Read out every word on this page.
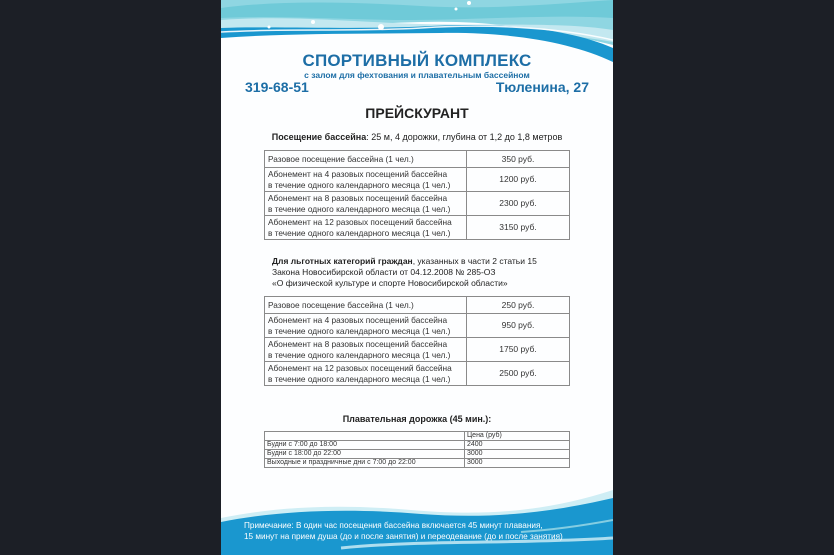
СПОРТИВНЫЙ КОМПЛЕКС
с залом для фехтования и плавательным бассейном
319-68-51	Тюленина, 27
ПРЕЙСКУРАНТ
Посещение бассейна: 25 м, 4 дорожки, глубина от 1,2 до 1,8 метров
Разовое посещение бассейна (1 чел.)	350 руб.
Абонемент на 4 разовых посещений бассейна
в течение одного календарного месяца (1 чел.)	1200 руб.
Абонемент на 8 разовых посещений бассейна
в течение одного календарного месяца (1 чел.)	2300 руб.
Абонемент на 12 разовых посещений бассейна
в течение одного календарного месяца (1 чел.)	3150 руб.
Для льготных категорий граждан, указанных в части 2 статьи 15
Закона Новосибирской области от 04.12.2008 № 285-ОЗ
«О физической культуре и спорте Новосибирской области»
Разовое посещение бассейна (1 чел.)	250 руб.
Абонемент на 4 разовых посещений бассейна
в течение одного календарного месяца (1 чел.)	950 руб.
Абонемент на 8 разовых посещений бассейна
в течение одного календарного месяца (1 чел.)	1750 руб.
Абонемент на 12 разовых посещений бассейна
в течение одного календарного месяца (1 чел.)	2500 руб.
Плавательная дорожка (45 мин.):
	Цена (руб)
Будни с 7:00 до 18:00	2400
Будни с 18:00 до 22:00	3000
Выходные и праздничные дни с 7:00 до 22:00	3000
Примечание: В один час посещения бассейна включается 45 минут плавания,
15 минут на прием душа (до и после занятия) и переодевание (до и после занятия)
